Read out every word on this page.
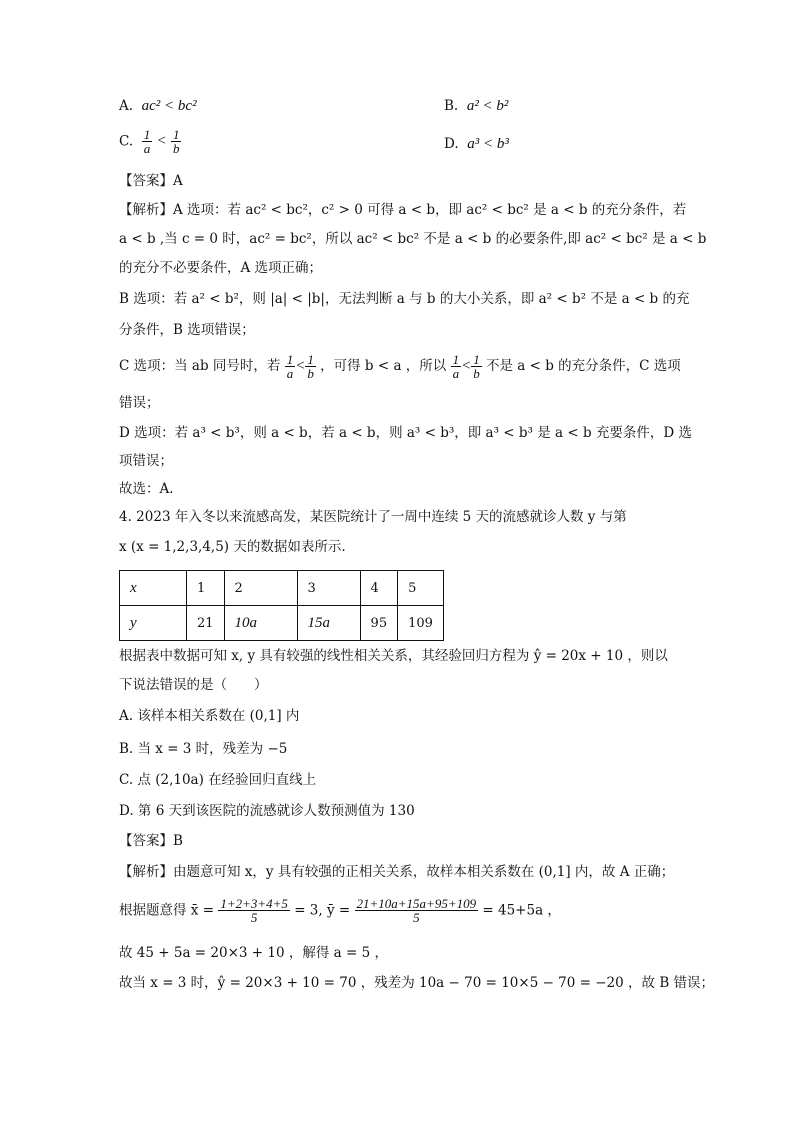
A. ac² < bc²	B. a² < b²
C. $\frac{1}{a} < \frac{1}{b}$	D. a³ < b³
【答案】A
【解析】A 选项：若 ac² < bc²，c² > 0 可得 a < b，即 ac² < bc² 是 a < b 的充分条件，若
a < b ,当 c = 0 时，ac² = bc²，所以 ac² < bc² 不是 a < b 的必要条件,即 ac² < bc² 是 a < b
的充分不必要条件，A 选项正确；
B 选项：若 a² < b²，则 |a| < |b|，无法判断 a 与 b 的大小关系，即 a² < b² 不是 a < b 的充
分条件，B 选项错误；
C 选项：当 ab 同号时，若 $\frac{1}{a} < \frac{1}{b}$ ，可得 b < a ，所以 $\frac{1}{a} < \frac{1}{b}$ 不是 a < b 的充分条件，C 选项
错误；
D 选项：若 a³ < b³，则 a < b，若 a < b，则 a³ < b³，即 a³ < b³ 是 a < b 充要条件，D 选
项错误；
故选：A.
4. 2023 年入冬以来流感高发，某医院统计了一周中连续 5 天的流感就诊人数 y 与第
x (x = 1,2,3,4,5) 天的数据如表所示.
x	1	2	3	4	5
y	21	10a	15a	95	109
根据表中数据可知 x, y 具有较强的线性相关关系，其经验回归方程为 ŷ = 20x + 10 ，则以
下说法错误的是（　　）
A. 该样本相关系数在 (0,1] 内
B. 当 x = 3 时，残差为 −5
C. 点 (2,10a) 在经验回归直线上
D. 第 6 天到该医院的流感就诊人数预测值为 130
【答案】B
【解析】由题意可知 x，y 具有较强的正相关关系，故样本相关系数在 (0,1] 内，故 A 正确；
根据题意得 x̄ = $\frac{1+2+3+4+5}{5} = 3$, ȳ = $\frac{21+10a+15a+95+109}{5} = 45+5a$ ，
故 45 + 5a = 20×3 + 10 ，解得 a = 5 ，
故当 x = 3 时，ŷ = 20×3 + 10 = 70 ，残差为 10a − 70 = 10×5 − 70 = −20 ，故 B 错误；
